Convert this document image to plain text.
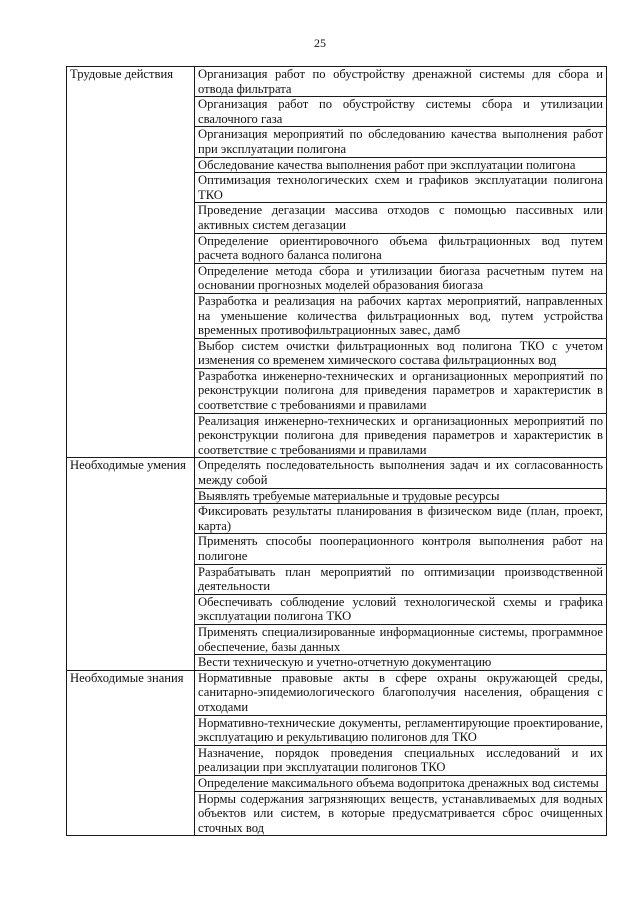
25
Трудовые действия	Организация работ по обустройству дренажной системы для сбора и отвода фильтрата
	Организация работ по обустройству системы сбора и утилизации свалочного газа
	Организация мероприятий по обследованию качества выполнения работ при эксплуатации полигона
	Обследование качества выполнения работ при эксплуатации полигона
	Оптимизация технологических схем и графиков эксплуатации полигона ТКО
	Проведение дегазации массива отходов с помощью пассивных или активных систем дегазации
	Определение ориентировочного объема фильтрационных вод путем расчета водного баланса полигона
	Определение метода сбора и утилизации биогаза расчетным путем на основании прогнозных моделей образования биогаза
	Разработка и реализация на рабочих картах мероприятий, направленных на уменьшение количества фильтрационных вод, путем устройства временных противофильтрационных завес, дамб
	Выбор систем очистки фильтрационных вод полигона ТКО с учетом изменения со временем химического состава фильтрационных вод
	Разработка инженерно-технических и организационных мероприятий по реконструкции полигона для приведения параметров и характеристик в соответствие с требованиями и правилами
	Реализация инженерно-технических и организационных мероприятий по реконструкции полигона для приведения параметров и характеристик в соответствие с требованиями и правилами
Необходимые умения	Определять последовательность выполнения задач и их согласованность между собой
	Выявлять требуемые материальные и трудовые ресурсы
	Фиксировать результаты планирования в физическом виде (план, проект, карта)
	Применять способы пооперационного контроля выполнения работ на полигоне
	Разрабатывать план мероприятий по оптимизации производственной деятельности
	Обеспечивать соблюдение условий технологической схемы и графика эксплуатации полигона ТКО
	Применять специализированные информационные системы, программное обеспечение, базы данных
	Вести техническую и учетно-отчетную документацию
Необходимые знания	Нормативные правовые акты в сфере охраны окружающей среды, санитарно-эпидемиологического благополучия населения, обращения с отходами
	Нормативно-технические документы, регламентирующие проектирование, эксплуатацию и рекультивацию полигонов для ТКО
	Назначение, порядок проведения специальных исследований и их реализации при эксплуатации полигонов ТКО
	Определение максимального объема водопритока дренажных вод системы
	Нормы содержания загрязняющих веществ, устанавливаемых для водных объектов или систем, в которые предусматривается сброс очищенных сточных вод
